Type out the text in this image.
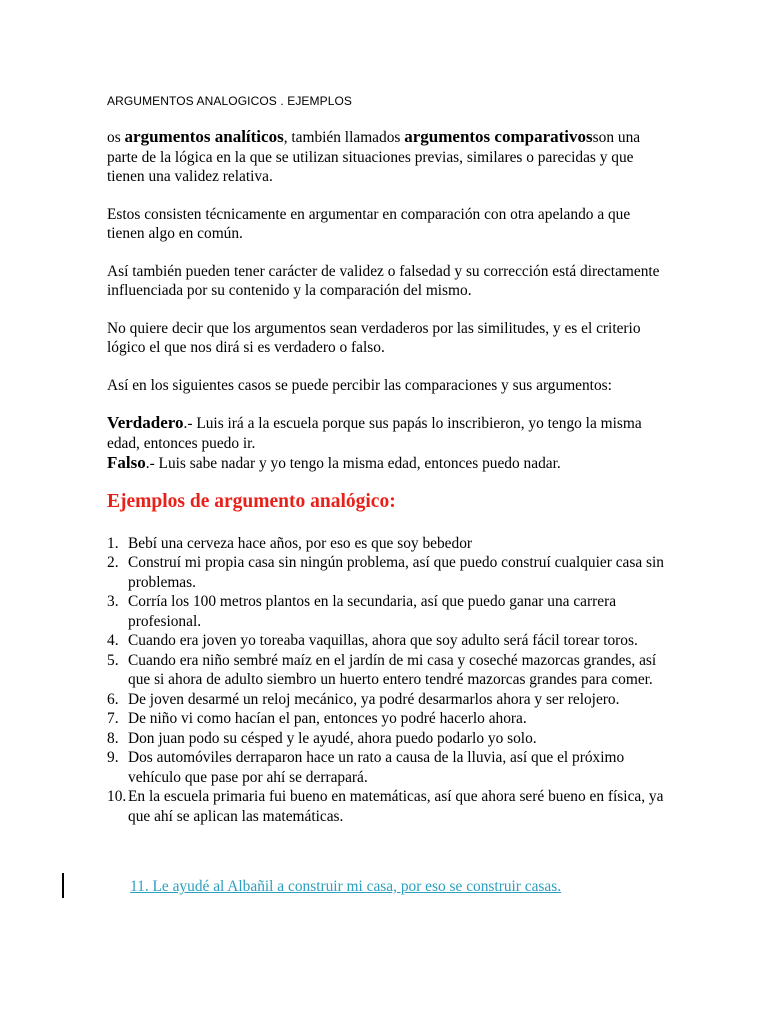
ARGUMENTOS ANALOGICOS . EJEMPLOS

os argumentos analíticos, también llamados argumentos comparativosson una parte de la lógica en la que se utilizan situaciones previas, similares o parecidas y que tienen una validez relativa.

Estos consisten técnicamente en argumentar en comparación con otra apelando a que tienen algo en común.

Así también pueden tener carácter de validez o falsedad y su corrección está directamente influenciada por su contenido y la comparación del mismo.

No quiere decir que los argumentos sean verdaderos por las similitudes, y es el criterio lógico el que nos dirá si es verdadero o falso.

Así en los siguientes casos se puede percibir las comparaciones y sus argumentos:

Verdadero.- Luis irá a la escuela porque sus papás lo inscribieron, yo tengo la misma edad, entonces puedo ir.

Falso.- Luis sabe nadar y yo tengo la misma edad, entonces puedo nadar.

Ejemplos de argumento analógico:
1. Bebí una cerveza hace años, por eso es que soy bebedor
2. Construí mi propia casa sin ningún problema, así que puedo construí cualquier casa sin problemas.
3. Corría los 100 metros plantos en la secundaria, así que puedo ganar una carrera profesional.
4. Cuando era joven yo toreaba vaquillas, ahora que soy adulto será fácil torear toros.
5. Cuando era niño sembré maíz en el jardín de mi casa y coseché mazorcas grandes, así que si ahora de adulto siembro un huerto entero tendré mazorcas grandes para comer.
6. De joven desarmé un reloj mecánico, ya podré desarmarlos ahora y ser relojero.
7. De niño vi como hacían el pan, entonces yo podré hacerlo ahora.
8. Don juan podo su césped y le ayudé, ahora puedo podarlo yo solo.
9. Dos automóviles derraparon hace un rato a causa de la lluvia, así que el próximo vehículo que pase por ahí se derrapará.
10. En la escuela primaria fui bueno en matemáticas, así que ahora seré bueno en física, ya que ahí se aplican las matemáticas.
11. Le ayudé al Albañil a construir mi casa, por eso se construir casas.
